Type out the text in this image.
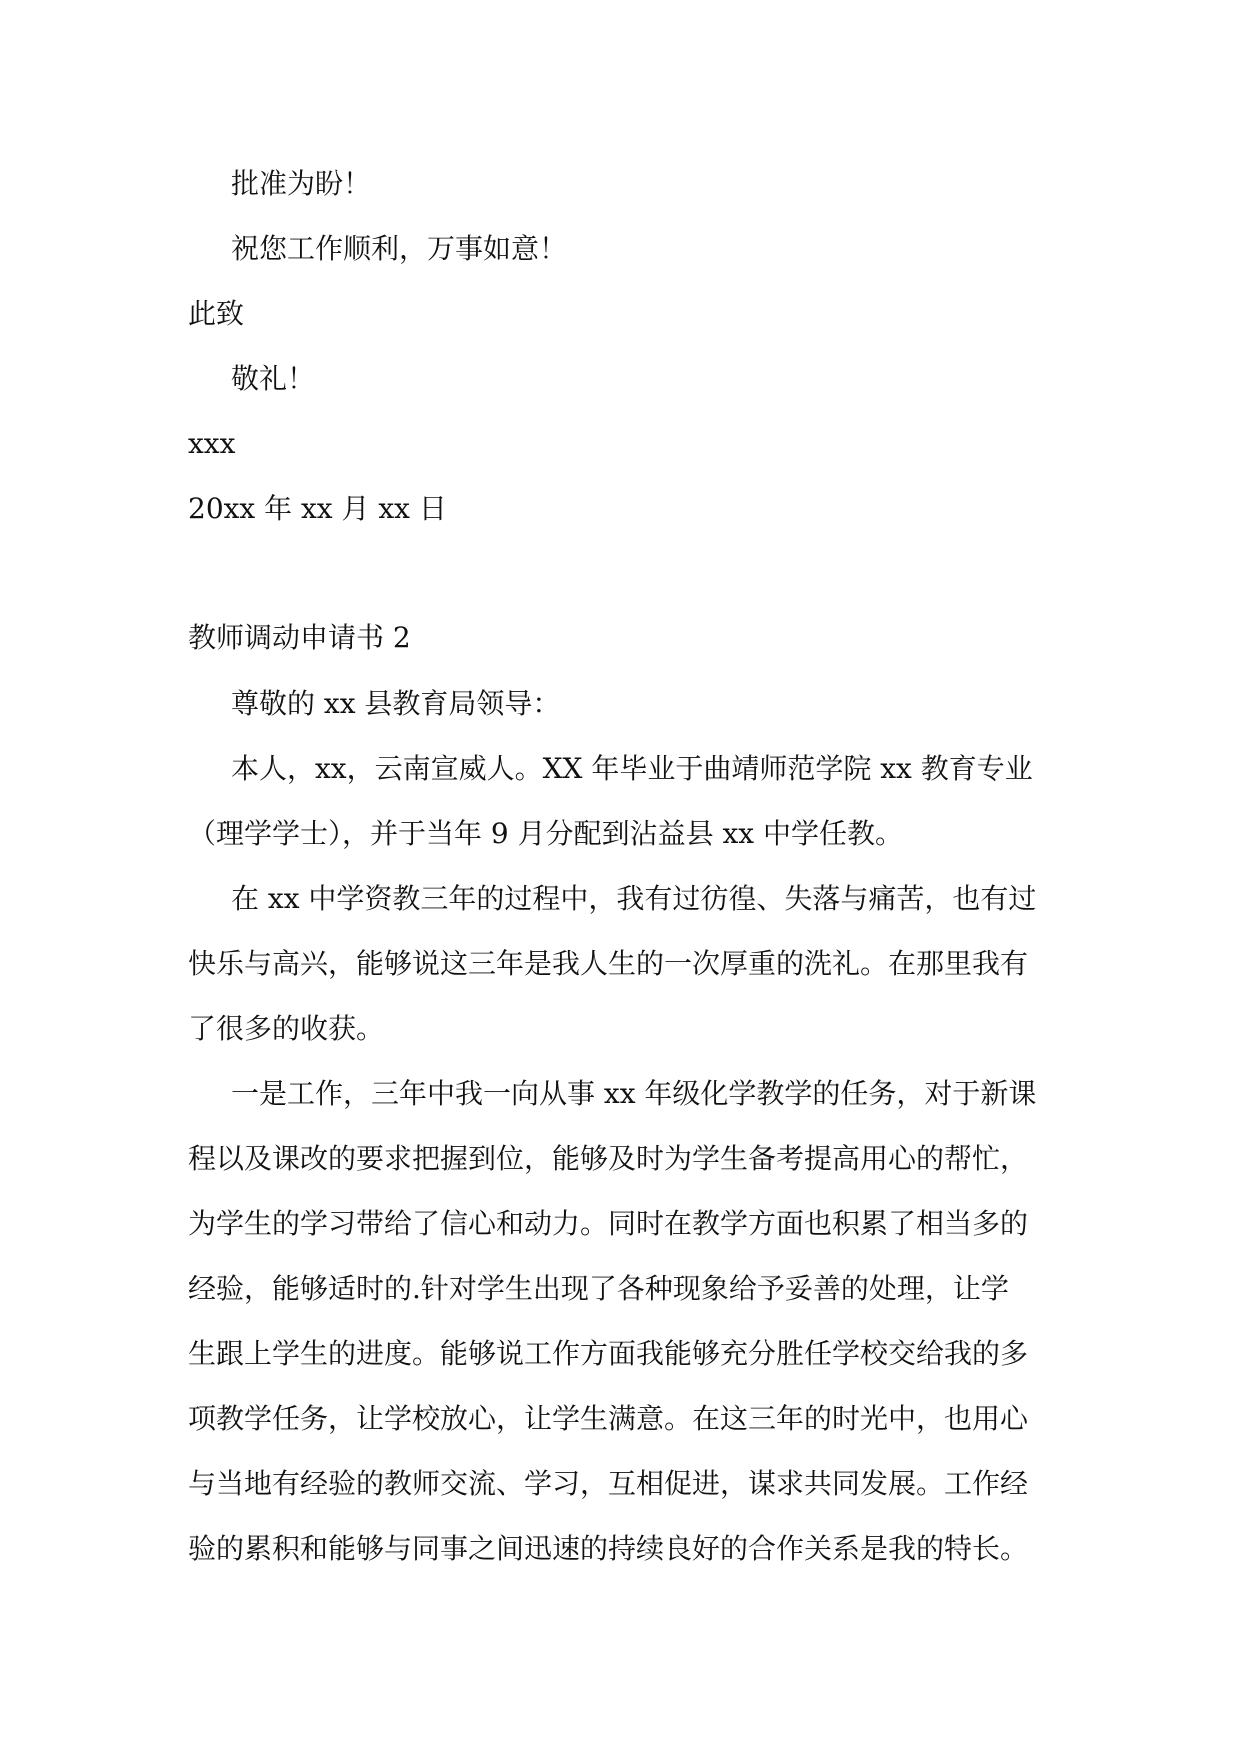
批准为盼！
祝您工作顺利，万事如意！
此致
敬礼！
xxx
20xx 年 xx 月 xx 日
教师调动申请书 2
尊敬的 xx 县教育局领导：
本人，xx，云南宣威人。XX 年毕业于曲靖师范学院 xx 教育专业
（理学学士），并于当年 9 月分配到沾益县 xx 中学任教。
在 xx 中学资教三年的过程中，我有过彷徨、失落与痛苦，也有过
快乐与高兴，能够说这三年是我人生的一次厚重的洗礼。在那里我有
了很多的收获。
一是工作，三年中我一向从事 xx 年级化学教学的任务，对于新课
程以及课改的要求把握到位，能够及时为学生备考提高用心的帮忙，
为学生的学习带给了信心和动力。同时在教学方面也积累了相当多的
经验，能够适时的.针对学生出现了各种现象给予妥善的处理，让学
生跟上学生的进度。能够说工作方面我能够充分胜任学校交给我的多
项教学任务，让学校放心，让学生满意。在这三年的时光中，也用心
与当地有经验的教师交流、学习，互相促进，谋求共同发展。工作经
验的累积和能够与同事之间迅速的持续良好的合作关系是我的特长。
